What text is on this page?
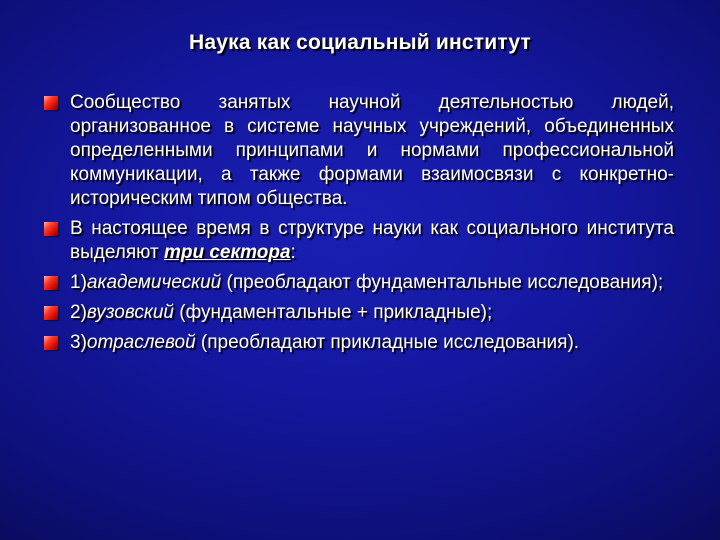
Наука как социальный институт
Сообщество занятых научной деятельностью людей, организованное в системе научных учреждений, объединенных определенными принципами и нормами профессиональной коммуникации, а также формами взаимосвязи с конкретно-историческим типом общества.
В настоящее время в структуре науки как социального института выделяют три сектора:
1)академический (преобладают фундаментальные исследования);
2)вузовский (фундаментальные + прикладные);
3)отраслевой (преобладают прикладные исследования).
